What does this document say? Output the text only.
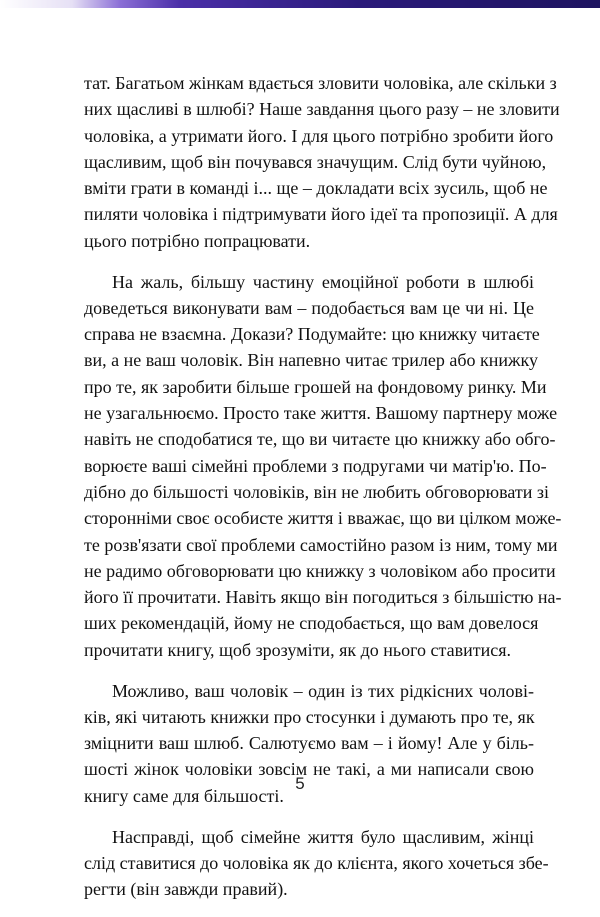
тат. Багатьом жінкам вдається зловити чоловіка, але скільки з
них щасливі в шлюбі? Наше завдання цього разу – не зловити
чоловіка, а утримати його. І для цього потрібно зробити його
щасливим, щоб він почувався значущим. Слід бути чуйною,
вміти грати в команді і... ще – докладати всіх зусиль, щоб не
пиляти чоловіка і підтримувати його ідеї та пропозиції. А для
цього потрібно попрацювати.

На жаль, більшу частину емоційної роботи в шлюбі
доведеться виконувати вам – подобається вам це чи ні. Це
справа не взаємна. Докази? Подумайте: цю книжку читаєте
ви, а не ваш чоловік. Він напевно читає трилер або книжку
про те, як заробити більше грошей на фондовому ринку. Ми
не узагальнюємо. Просто таке життя. Вашому партнеру може
навіть не сподобатися те, що ви читаєте цю книжку або обго-
ворюєте ваші сімейні проблеми з подругами чи матір'ю. По-
дібно до більшості чоловіків, він не любить обговорювати зі
сторонніми своє особисте життя і вважає, що ви цілком може-
те розв'язати свої проблеми самостійно разом із ним, тому ми
не радимо обговорювати цю книжку з чоловіком або просити
його її прочитати. Навіть якщо він погодиться з більшістю на-
ших рекомендацій, йому не сподобається, що вам довелося
прочитати книгу, щоб зрозуміти, як до нього ставитися.

Можливо, ваш чоловік – один із тих рідкісних чолові-
ків, які читають книжки про стосунки і думають про те, як
зміцнити ваш шлюб. Салютуємо вам – і йому! Але у біль-
шості жінок чоловіки зовсім не такі, а ми написали свою
книгу саме для більшості.

Насправді, щоб сімейне життя було щасливим, жінці
слід ставитися до чоловіка як до клієнта, якого хочеться збе-
регти (він завжди правий).

5
